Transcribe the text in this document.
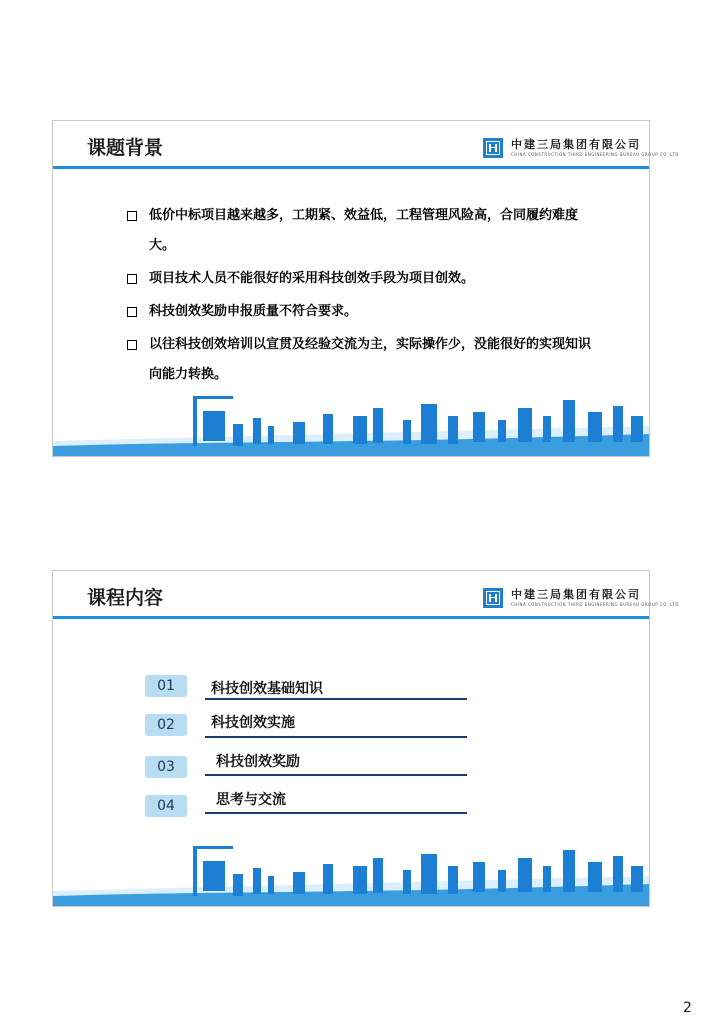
课题背景	中建三局集团有限公司
CHINA CONSTRUCTION THIRD ENGINEERING BUREAU GROUP CO.,LTD
低价中标项目越来越多，工期紧、效益低，工程管理风险高，合同履约难度大。
项目技术人员不能很好的采用科技创效手段为项目创效。
科技创效奖励申报质量不符合要求。
以往科技创效培训以宣贯及经验交流为主，实际操作少，没能很好的实现知识向能力转换。
课程内容	中建三局集团有限公司
CHINA CONSTRUCTION THIRD ENGINEERING BUREAU GROUP CO.,LTD
01	科技创效基础知识
02	科技创效实施
03	科技创效奖励
04	思考与交流
2
